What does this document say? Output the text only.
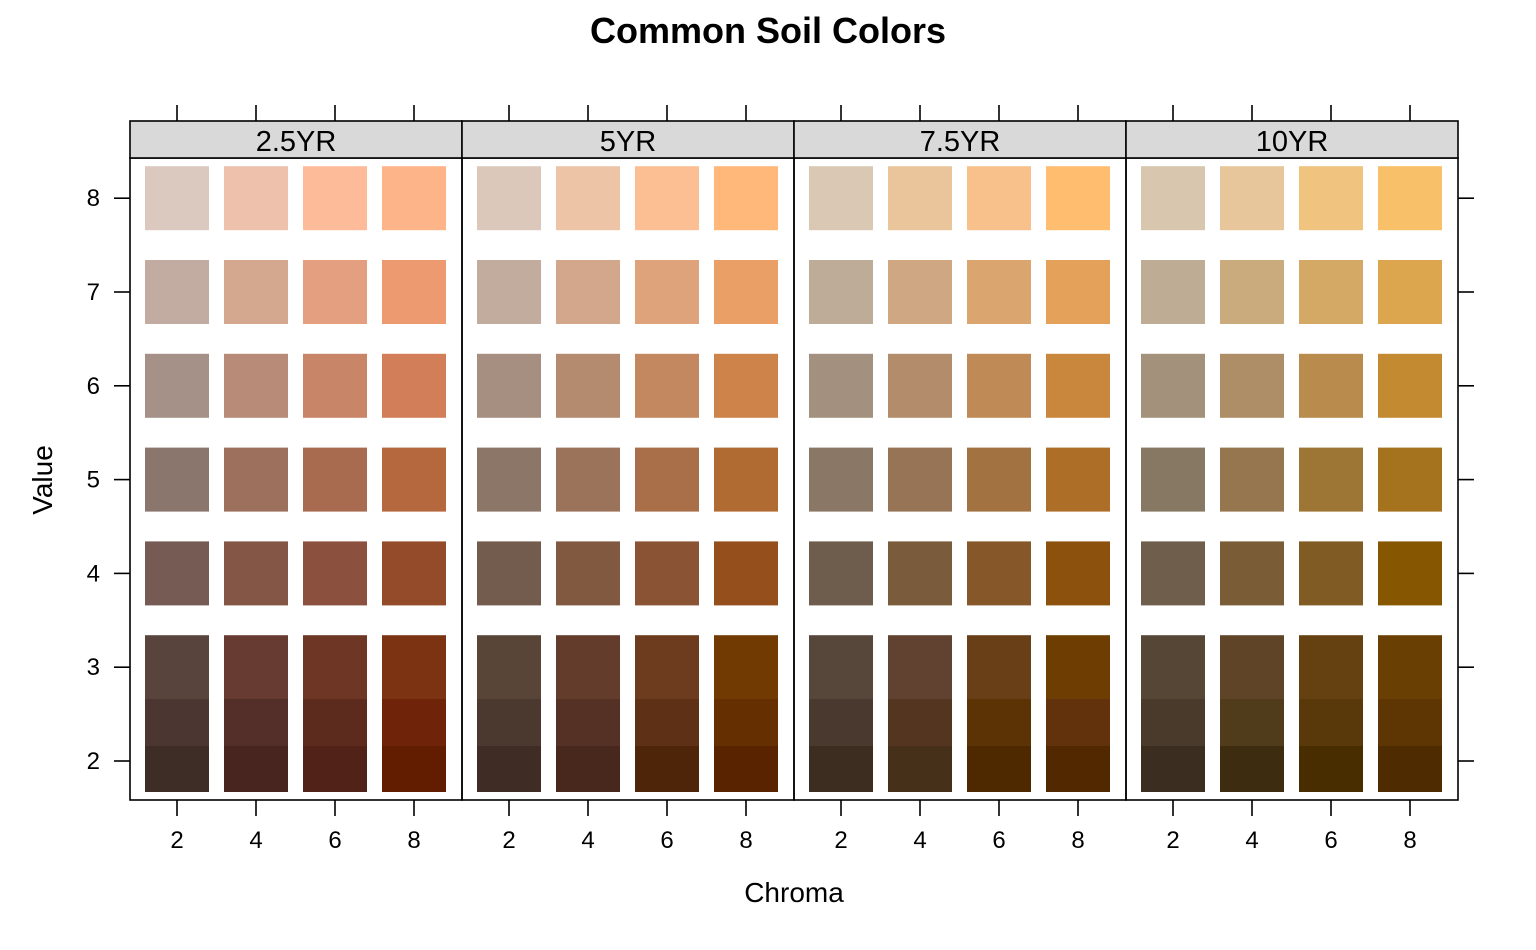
Common Soil Colors
Chroma
Value
2.5YR
2	4	6	8
5YR
2	4	6	8
7.5YR
2	4	6	8
10YR
2	4	6	8
2
3
4
5
6
7
8
